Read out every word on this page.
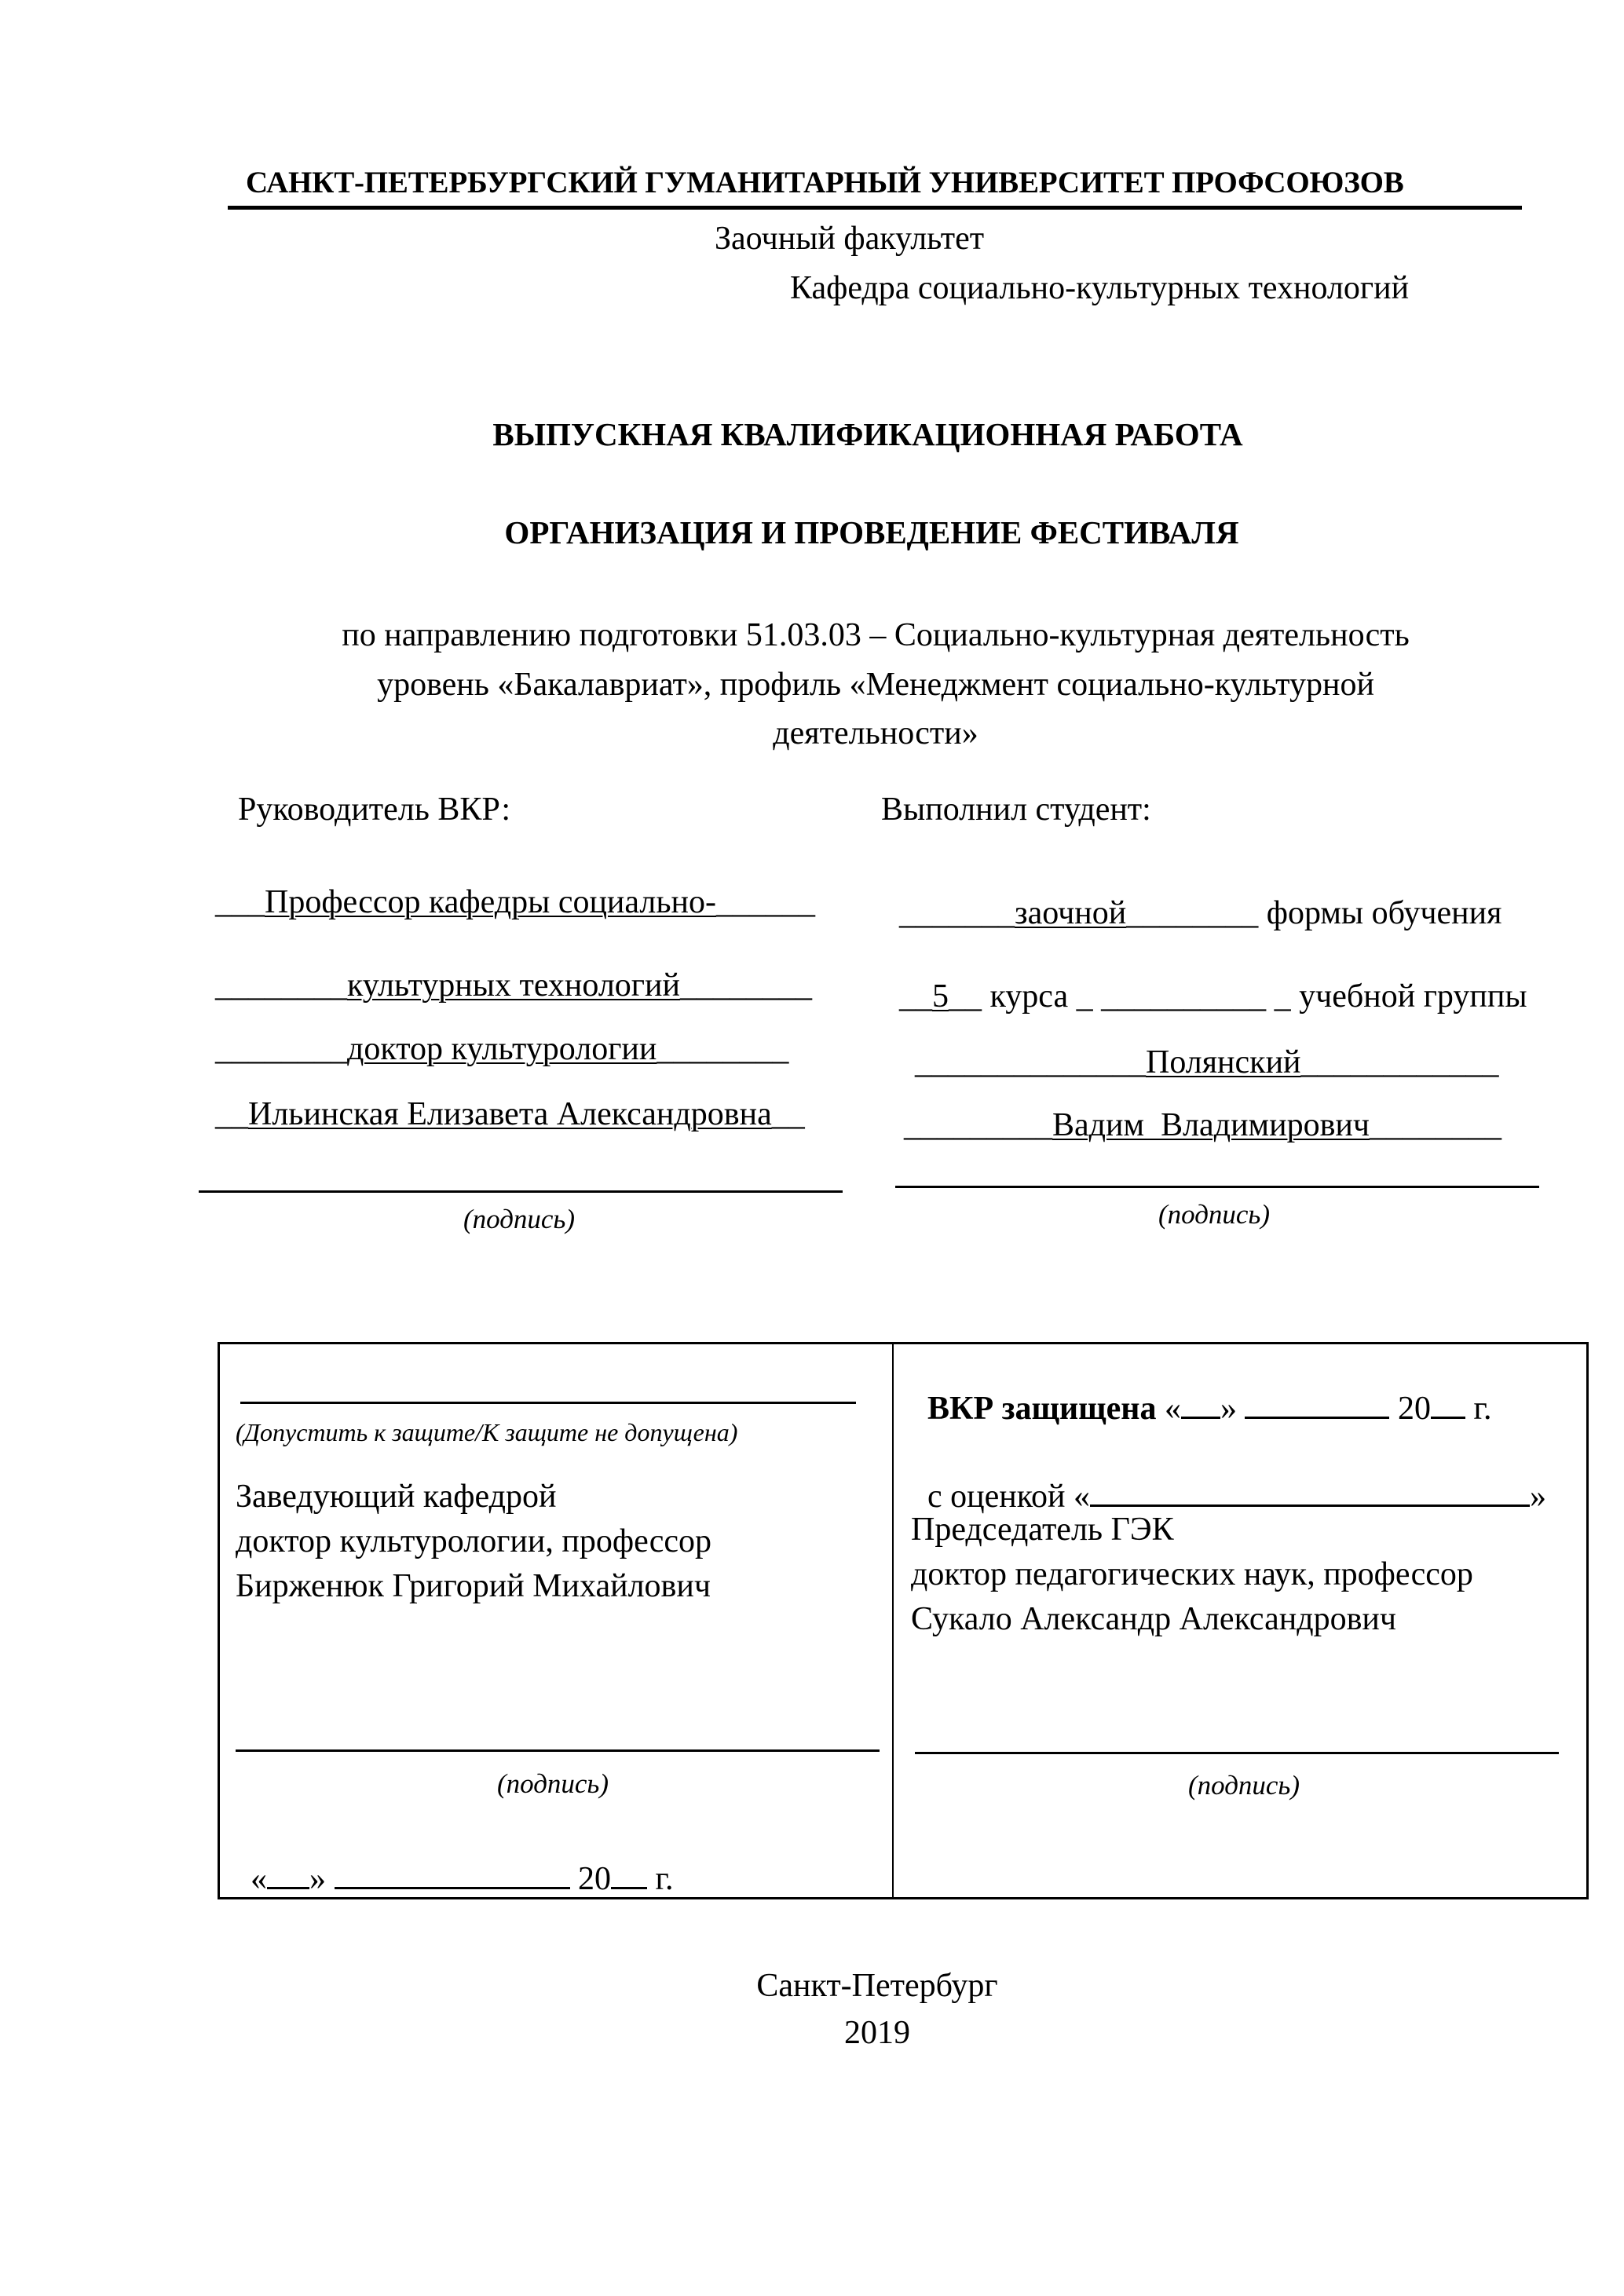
САНКТ-ПЕТЕРБУРГСКИЙ ГУМАНИТАРНЫЙ УНИВЕРСИТЕТ ПРОФСОЮЗОВ
Заочный факультет
Кафедра социально-культурных технологий
ВЫПУСКНАЯ КВАЛИФИКАЦИОННАЯ РАБОТА
ОРГАНИЗАЦИЯ И ПРОВЕДЕНИЕ ФЕСТИВАЛЯ
по направлению подготовки 51.03.03 – Социально-культурная деятельность
уровень «Бакалавриат», профиль «Менеджмент социально-культурной
деятельности»
Руководитель ВКР:

___Профессор кафедры социально-______

________культурных технологий________

________доктор культурологии________

__Ильинская Елизавета Александровна__

(подпись)
Выполнил студент:

_______заочной________ формы обучения

__5__ курса _ __________ _ учебной группы

______________Полянский____________

_________Вадим  Владимирович________

(подпись)
(Допустить к защите/К защите не допущена)
Заведующий кафедрой
доктор культурологии, профессор
Бирженюк Григорий Михайлович
(подпись)

« »	20 г.

ВКР защищена « »	20 г.

с оценкой «	»

Председатель ГЭК
доктор педагогических наук, профессор
Сукало Александр Александрович
(подпись)
Санкт-Петербург
2019
